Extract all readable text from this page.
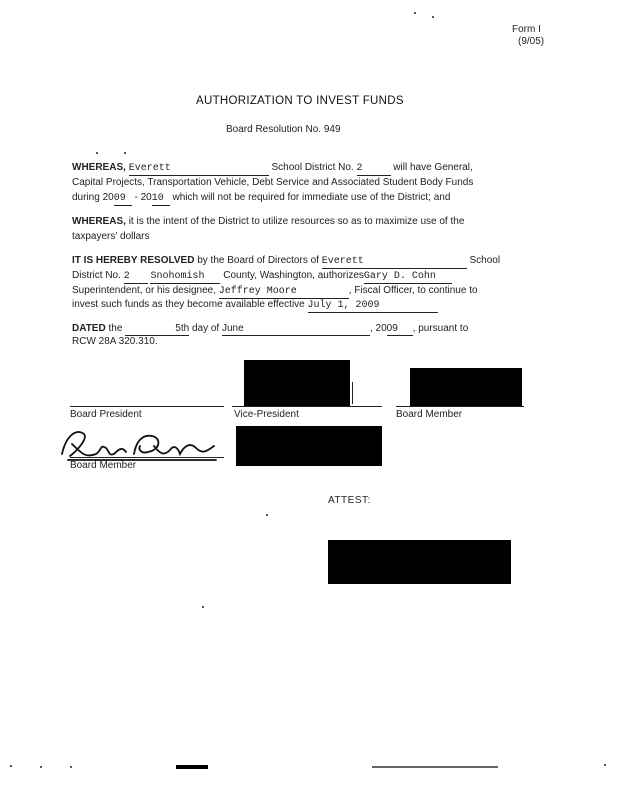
Form I
(9/05)
AUTHORIZATION TO INVEST FUNDS
Board Resolution No. 949
WHEREAS, Everett	School District No. 2	will have General,
Capital Projects, Transportation Vehicle, Debt Service and Associated Student Body Funds
during 2009 - 2010 which will not be required for immediate use of the District; and
WHEREAS, it is the intent of the District to utilize resources so as to maximize use of the
taxpayers' dollars
IT IS HEREBY RESOLVED by the Board of Directors of Everett	School
District No. 2 Snohomish County, Washington, authorizesGary D. Cohn
Superintendent, or his designee, Jeffrey Moore	, Fiscal Officer, to continue to
invest such funds as they become available effective July 1, 2009
DATED the	5th day of June	, 2009 , pursuant to
RCW 28A 320.310.
Board President	Vice-President	Board Member
Board Member
ATTEST:
